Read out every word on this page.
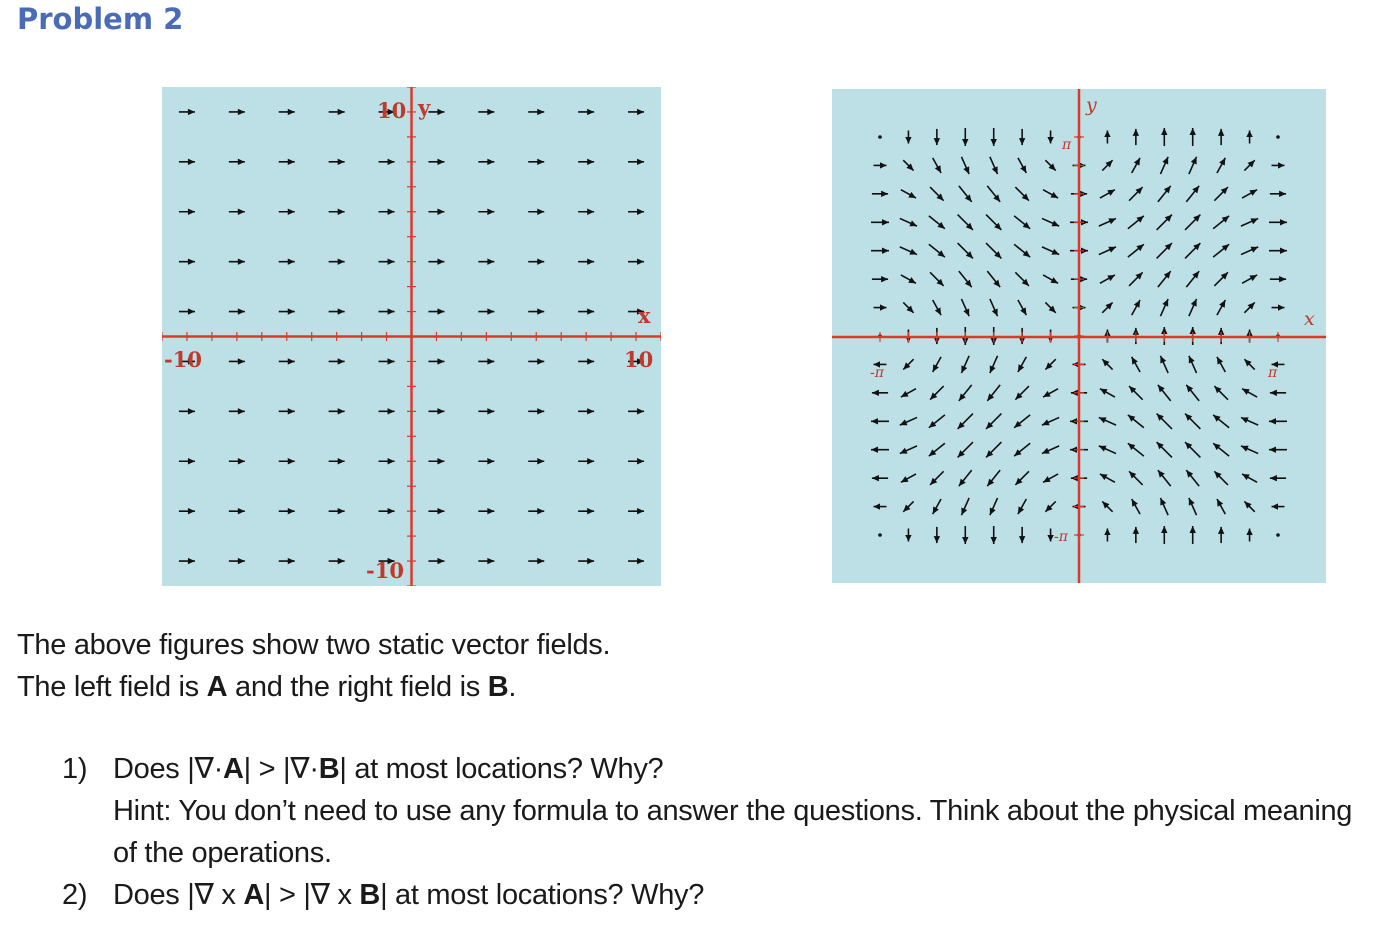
Problem 2
x
y
10
-10
-10	10
x
y
π
-π
-π	π

The above figures show two static vector fields.

The left field is A and the right field is B.

1) Does |∇·A| > |∇·B| at most locations? Why?
Hint: You don’t need to use any formula to answer the questions. Think about the physical meaning of the operations.
2) Does |∇ x A| > |∇ x B| at most locations? Why?
